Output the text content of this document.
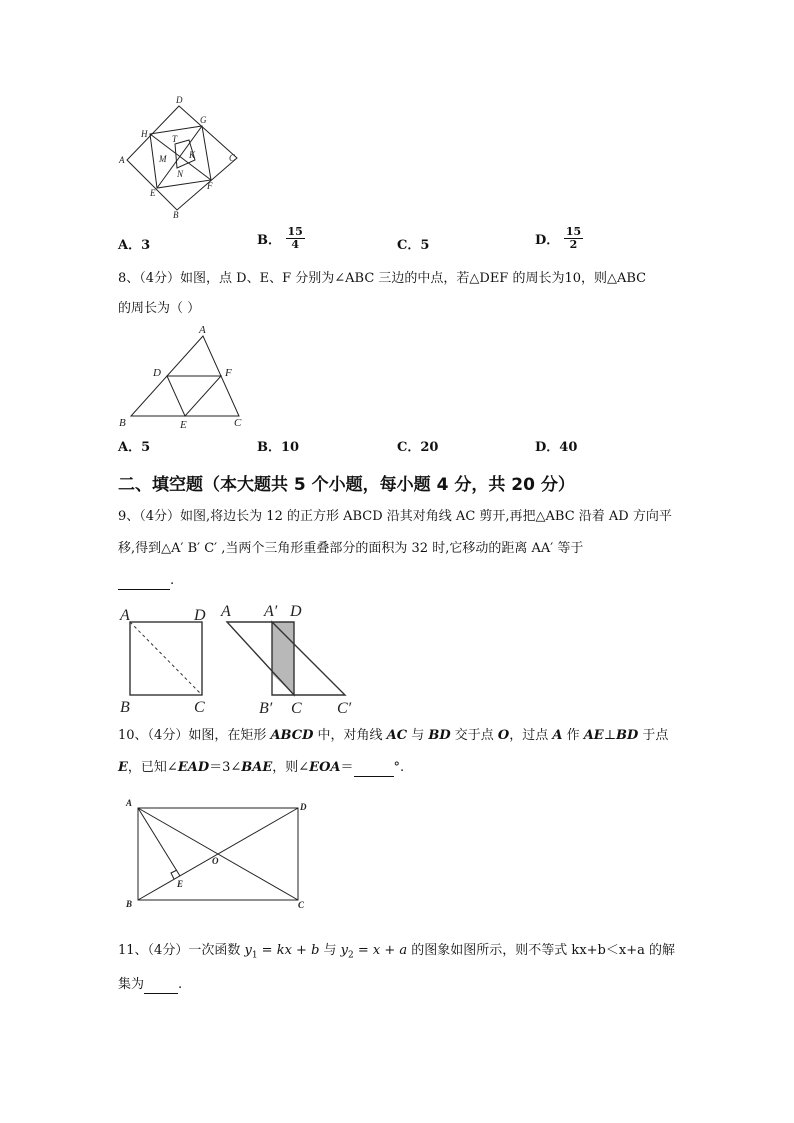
D
G
H
A
T
M	K
N
C
E
F
B
A．3	B． $\frac{15}{4}$	C．5	D． $\frac{15}{2}$
8、（4分）如图，点 D、E、F 分别为∠ABC 三边的中点，若△DEF 的周长为10，则△ABC
的周长为（ ）
A
D	F
B	E	C
A．5	B．10	C．20	D．40
二、填空题（本大题共 5 个小题，每小题 4 分，共 20 分）
9、（4分）如图,将边长为 12 的正方形 ABCD 沿其对角线 AC 剪开,再把△ABC 沿着 AD 方向平
移,得到△A′ B′ C′ ,当两个三角形重叠部分的面积为 32 时,它移动的距离 AA′ 等于
.
A	D
B	C
A A′ D
B′ C C′
10、（4分）如图，在矩形 ABCD 中，对角线 AC 与 BD 交于点 O，过点 A 作 AE⊥BD 于点
E，已知∠EAD＝3∠BAE，则∠EOA＝	°.
A	D
O
E
B	C
11、（4分）一次函数 $y_1$ = kx + b 与 $y_2 = x + a$ 的图象如图所示，则不等式 kx+b＜x+a 的解
集为	.
